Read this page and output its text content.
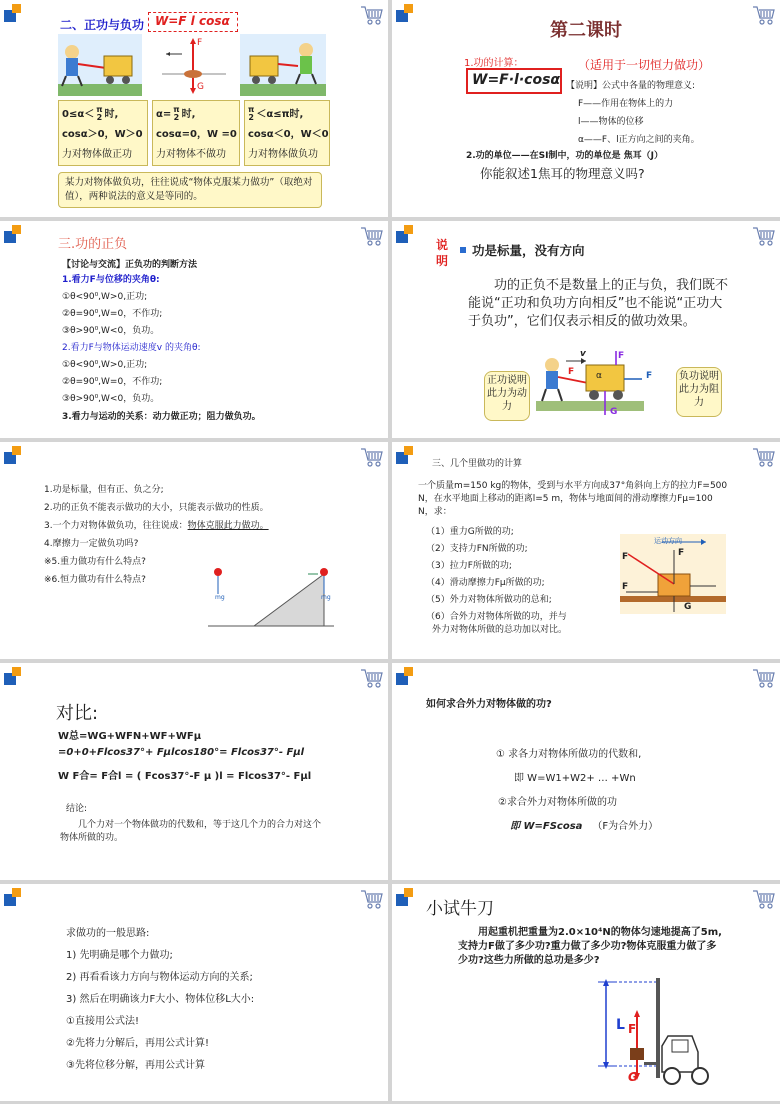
二、正功与负功 W=F l cosα
F
G
0≤α＜ π
2 时,
cosα＞0，W＞0
力对物体做正功
α= π
2 时,
cosα=0，W =0
力对物体不做功
π
2 ＜α≤π时,
cosα＜0，W＜0
力对物体做负功
某力对物体做负功，往往说成“物体克服某力做功”（取绝对值），两种说法的意义是等同的。
第二课时
1.功的计算：
W=F·l·cosα
（适用于一切恒力做功）
【说明】公式中各量的物理意义:
F——作用在物体上的力
l——物体的位移
α——F、l正方向之间的夹角。
2.功的单位——在SI制中，功的单位是 焦耳（J）
你能叙述1焦耳的物理意义吗?
三.功的正负
【讨论与交流】正负功的判断方法
1.看力F与位移的夹角θ:
①θ<90⁰,W>0,正功;
②θ=90⁰,W=0，不作功;
③θ>90⁰,W<0，负功。
2.看力F与物体运动速度v 的夹角θ:
①θ<90⁰,W>0,正功;
②θ=90⁰,W=0，不作功;
③θ>90⁰,W<0，负功。
3.看力与运动的关系：动力做正功；阻力做负功。
说明
功是标量，没有方向
功的正负不是数量上的正与负，我们既不能说“正功和负功方向相反”也不能说“正功大于负功”，它们仅表示相反的做功效果。
v	F
F α	F
G
正功说明此力为动力
负功说明此力为阻力
1.功是标量，但有正、负之分;
2.功的正负不能表示做功的大小，只能表示做功的性质。
3.一个力对物体做负功，往往说成：物体克服此力做功。
4.摩擦力一定做负功吗?
※5.重力做功有什么特点?
※6.恒力做功有什么特点?
mg	mg
三、几个里做功的计算
一个质量m=150 kg的物体，受到与水平方向成37°角斜向上方的拉力F=500 N，在水平地面上移动的距离l=5 m，物体与地面间的滑动摩擦力Fμ=100 N，求：
（1）重力G所做的功;
（2）支持力FN所做的功;
（3）拉力F所做的功;
（4）滑动摩擦力Fμ所做的功;
（5）外力对物体所做功的总和;
（6）合外力对物体所做的功，并与
外力对物体所做的总功加以对比。
运动方向
F	F
F
G
对比:
W总=WG+WFN+WF+WFμ
=0+0+Flcos37°+ Fμlcos180°= Flcos37°- Fμl
W F合= F合l = ( Fcos37°-F μ )l = Flcos37°- Fμl
结论:
几个力对一个物体做功的代数和，等于这几个力的合力对这个物体所做的功。
如何求合外力对物体做的功?
① 求各力对物体所做功的代数和,
即 W=W1+W2+ … +Wn
②求合外力对物体所做的功
即 W=FScosa （F为合外力）
求做功的一般思路:
1) 先明确是哪个力做功;
2) 再看看该力方向与物体运动方向的关系;
3) 然后在明确该力F大小、物体位移L大小:
①直接用公式法!
②先将力分解后，再用公式计算!
③先将位移分解，再用公式计算
小试牛刀
用起重机把重量为2.0×10⁴N的物体匀速地提高了5m,支持力F做了多少功?重力做了多少功?物体克服重力做了多少功?这些力所做的总功是多少?
L F
G
